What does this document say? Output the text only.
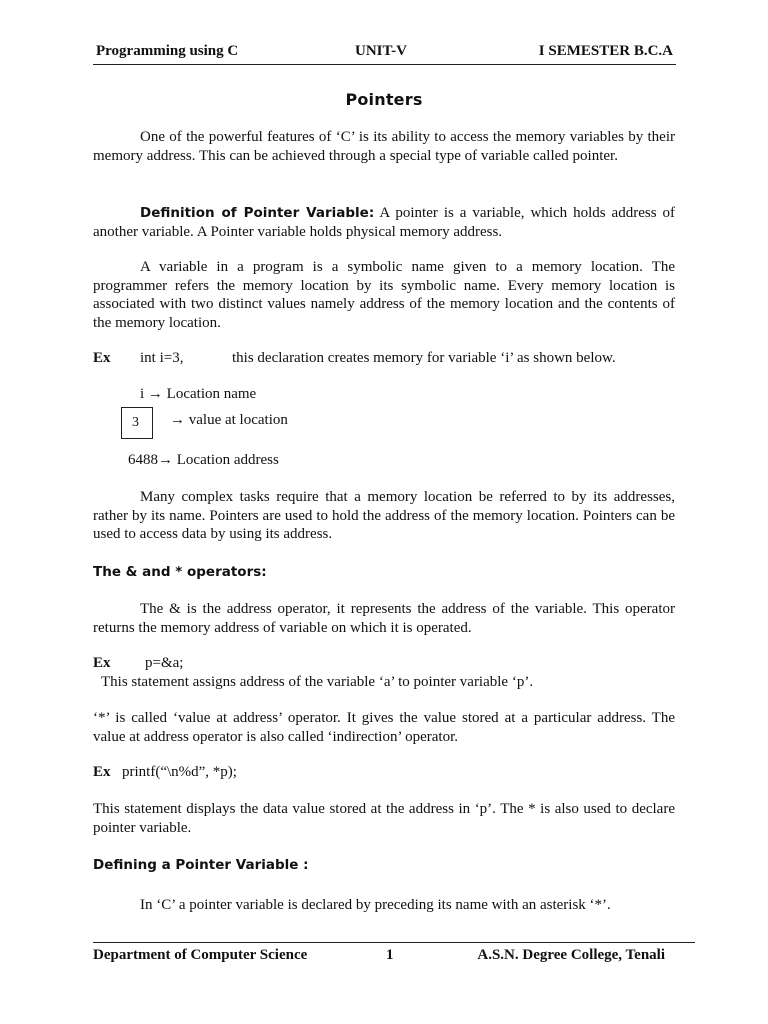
Programming using C	UNIT-V	I SEMESTER B.C.A
Pointers

One of the powerful features of ‘C’ is its ability to access the memory variables by their memory address. This can be achieved through a special type of variable called pointer.

Definition of Pointer Variable: A pointer is a variable, which holds address of another variable. A Pointer variable holds physical memory address.

A variable in a program is a symbolic name given to a memory location. The programmer refers the memory location by its symbolic name. Every memory location is associated with two distinct values namely address of the memory location and the contents of the memory location.

Ex int i=3,	this declaration creates memory for variable ‘i’ as shown below.
i → Location name
3	→ value at location
6488→ Location address

Many complex tasks require that a memory location be referred to by its addresses, rather by its name. Pointers are used to hold the address of the memory location. Pointers can be used to access data by using its address.

The & and * operators:

The & is the address operator, it represents the address of the variable. This operator returns the memory address of variable on which it is operated.

Ex p=&a;
This statement assigns address of the variable ‘a’ to pointer variable ‘p’.

‘*’ is called ‘value at address’ operator. It gives the value stored at a particular address. The value at address operator is also called ‘indirection’ operator.

Ex printf(“\n%d”, *p);

This statement displays the data value stored at the address in ‘p’. The * is also used to declare pointer variable.

Defining a Pointer Variable :

In ‘C’ a pointer variable is declared by preceding its name with an asterisk ‘*’.

Department of Computer Science	1	A.S.N. Degree College, Tenali
